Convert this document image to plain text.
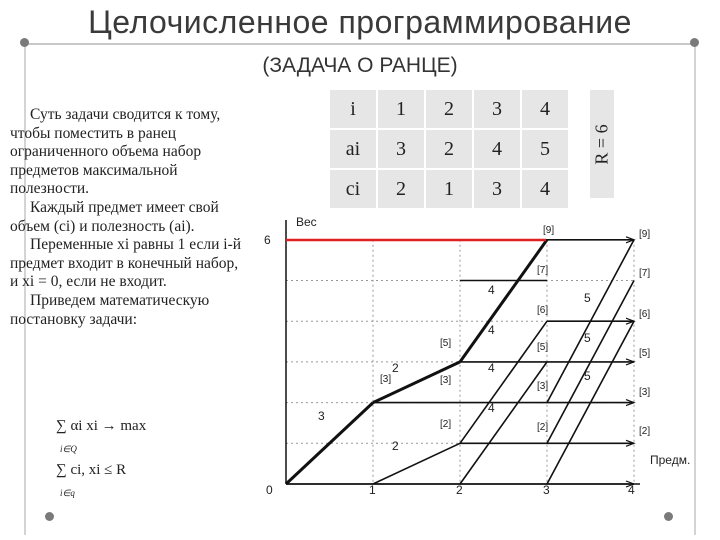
Целочисленное программирование
(ЗАДАЧА О РАНЦЕ)

Суть задачи сводится к тому, чтобы поместить в ранец ограниченного объема набор предметов максимальной полезности.

Каждый предмет имеет свой объем (ci) и полезность (ai).

Переменные xi равны 1 если i-й предмет входит в конечный набор, и xi = 0, если не входит.

Приведем математическую постановку задачи:

∑ αi xi → max
i∈Q
∑ ci, xi ≤ R
i∈q
i	1	2	3	4
ai	3	2	4	5
ci	2	1	3	4
R = 6
Вес
Предм.
6
0	1	2	3	4
3
2
2
4
4
4
4
5
5
5
[3]
[2]
[3]
[5]
[2]
[3]
[5]
[6]
[7]
[9]
[2]
[3]
[5]
[6]
[7]
[9]
